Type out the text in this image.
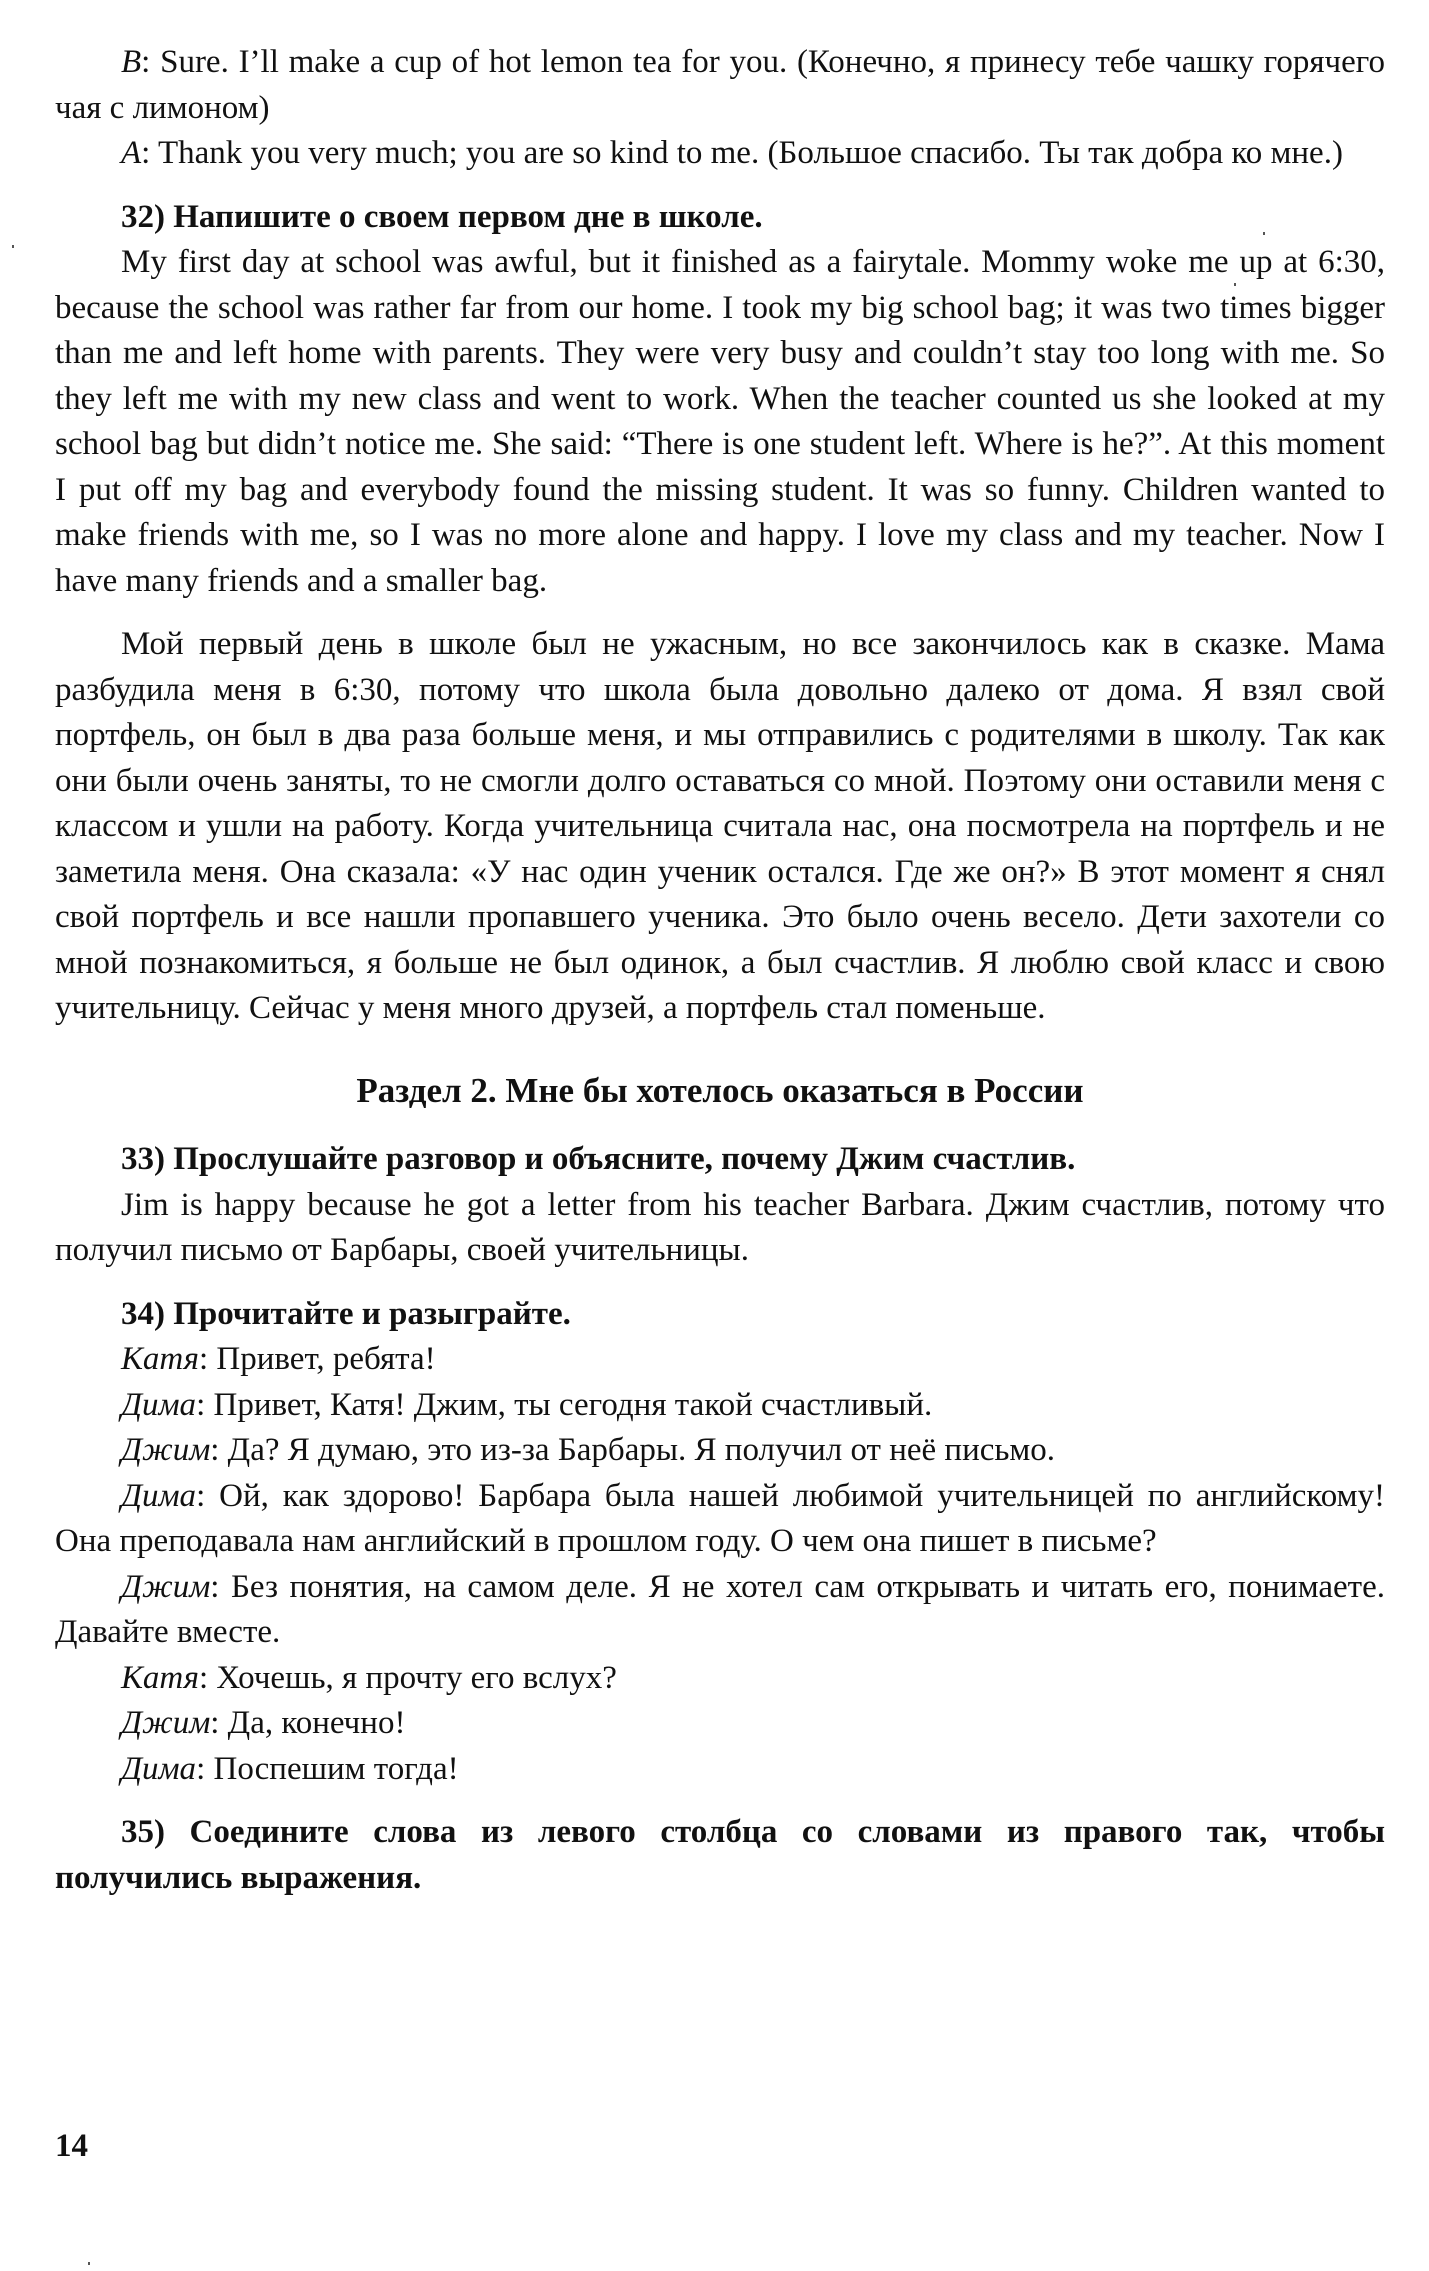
B: Sure. I’ll make a cup of hot lemon tea for you. (Конечно, я принесу тебе чашку горячего чая с лимоном)

A: Thank you very much; you are so kind to me. (Большое спасибо. Ты так добра ко мне.)

32) Напишите о своем первом дне в школе.

My first day at school was awful, but it finished as a fairytale. Mommy woke me up at 6:30, because the school was rather far from our home. I took my big school bag; it was two times bigger than me and left home with parents. They were very busy and couldn’t stay too long with me. So they left me with my new class and went to work. When the teacher counted us she looked at my school bag but didn’t notice me. She said: “There is one student left. Where is he?”. At this moment I put off my bag and everybody found the missing student. It was so funny. Children wanted to make friends with me, so I was no more alone and happy. I love my class and my teacher. Now I have many friends and a smaller bag.

Мой первый день в школе был не ужасным, но все закончилось как в сказке. Мама разбудила меня в 6:30, потому что школа была довольно далеко от дома. Я взял свой портфель, он был в два раза больше меня, и мы отправились с родителями в школу. Так как они были очень заняты, то не смогли долго оставаться со мной. Поэтому они оставили меня с классом и ушли на работу. Когда учительница считала нас, она посмотрела на портфель и не заметила меня. Она сказала: «У нас один ученик остался. Где же он?» В этот момент я снял свой портфель и все нашли пропавшего ученика. Это было очень весело. Дети захотели со мной познакомиться, я больше не был одинок, а был счастлив. Я люблю свой класс и свою учительницу. Сейчас у меня много друзей, а портфель стал поменьше.

Раздел 2. Мне бы хотелось оказаться в России

33) Прослушайте разговор и объясните, почему Джим счастлив.

Jim is happy because he got a letter from his teacher Barbara. Джим счастлив, потому что получил письмо от Барбары, своей учительницы.

34) Прочитайте и разыграйте.

Катя: Привет, ребята!

Дима: Привет, Катя! Джим, ты сегодня такой счастливый.

Джим: Да? Я думаю, это из-за Барбары. Я получил от неё письмо.

Дима: Ой, как здорово! Барбара была нашей любимой учительницей по английскому! Она преподавала нам английский в прошлом году. О чем она пишет в письме?

Джим: Без понятия, на самом деле. Я не хотел сам открывать и читать его, понимаете. Давайте вместе.

Катя: Хочешь, я прочту его вслух?

Джим: Да, конечно!

Дима: Поспешим тогда!

35) Соедините слова из левого столбца со словами из правого так, чтобы получились выражения.

14
